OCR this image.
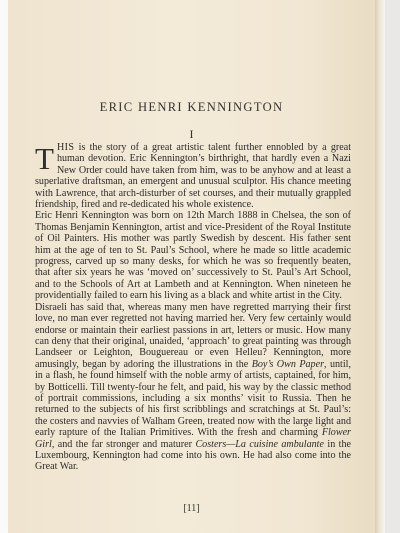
ERIC HENRI KENNINGTON
I

THIS is the story of a great artistic talent further ennobled by a great human devotion. Eric Kennington’s birthright, that hardly even a Nazi New Order could have taken from him, was to be anyhow and at least a superlative draftsman, an emergent and unusual sculptor. His chance meeting with Lawrence, that arch-disturber of set courses, and their mutually grappled friendship, fired and re-dedicated his whole existence.

Eric Henri Kennington was born on 12th March 1888 in Chelsea, the son of Thomas Benjamin Kennington, artist and vice-President of the Royal Institute of Oil Painters. His mother was partly Swedish by descent. His father sent him at the age of ten to St. Paul’s School, where he made so little academic progress, carved up so many desks, for which he was so frequently beaten, that after six years he was ‘moved on’ successively to St. Paul’s Art School, and to the Schools of Art at Lambeth and at Kennington. When nineteen he providentially failed to earn his living as a black and white artist in the City.

Disraeli has said that, whereas many men have regretted marrying their first love, no man ever regretted not having married her. Very few certainly would endorse or maintain their earliest passions in art, letters or music. How many can deny that their original, unaided, ‘approach’ to great painting was through Landseer or Leighton, Bouguereau or even Helleu? Kennington, more amusingly, began by adoring the illustrations in the Boy’s Own Paper, until, in a flash, he found himself with the noble army of artists, captained, for him, by Botticelli. Till twenty-four he felt, and paid, his way by the classic method of portrait commissions, including a six months’ visit to Russia. Then he returned to the subjects of his first scribblings and scratchings at St. Paul’s: the costers and navvies of Walham Green, treated now with the large light and early rapture of the Italian Primitives. With the fresh and charming Flower Girl, and the far stronger and maturer Costers—La cuisine ambulante in the Luxembourg, Kennington had come into his own. He had also come into the Great War.

[11]
